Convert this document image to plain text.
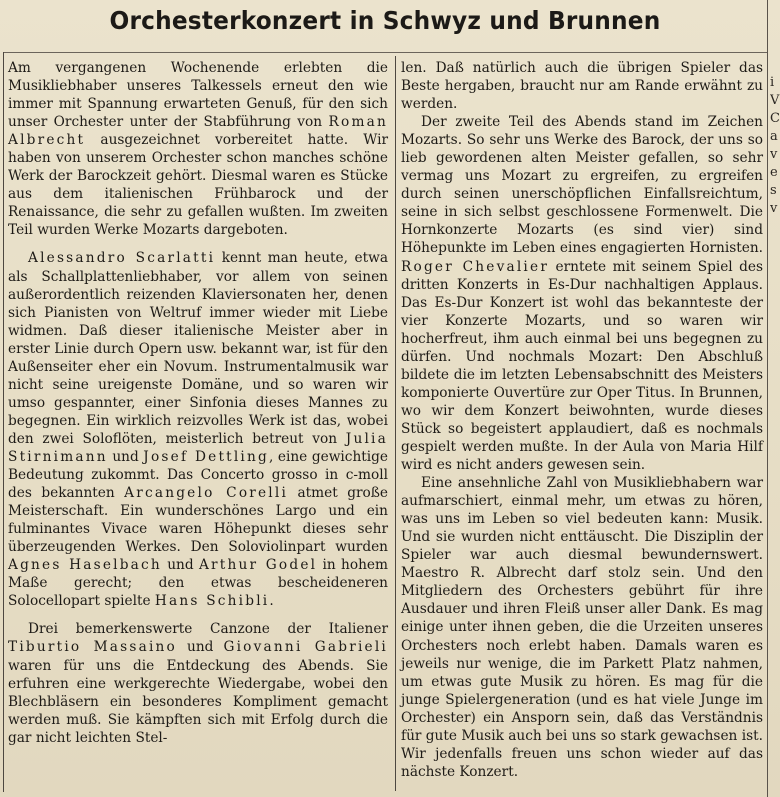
Orchesterkonzert in Schwyz und Brunnen

Am vergangenen Wochenende erlebten die Musikliebhaber unseres Talkessels erneut den wie immer mit Spannung erwarteten Genuß, für den sich unser Orchester unter der Stabführung von Roman Albrecht ausgezeichnet vorbereitet hatte. Wir haben von unserem Orchester schon manches schöne Werk der Barockzeit gehört. Diesmal waren es Stücke aus dem italienischen Frühbarock und der Renaissance, die sehr zu gefallen wußten. Im zweiten Teil wurden Werke Mozarts dargeboten.

Alessandro Scarlatti kennt man heute, etwa als Schallplattenliebhaber, vor allem von seinen außerordentlich reizenden Klaviersonaten her, denen sich Pianisten von Weltruf immer wieder mit Liebe widmen. Daß dieser italienische Meister aber in erster Linie durch Opern usw. bekannt war, ist für den Außenseiter eher ein Novum. Instrumentalmusik war nicht seine ureigenste Domäne, und so waren wir umso gespannter, einer Sinfonia dieses Mannes zu begegnen. Ein wirklich reizvolles Werk ist das, wobei den zwei Soloflöten, meisterlich betreut von Julia Stirnimann und Josef Dettling, eine gewichtige Bedeutung zukommt. Das Concerto grosso in c-moll des bekannten Arcangelo Corelli atmet große Meisterschaft. Ein wunderschönes Largo und ein fulminantes Vivace waren Höhepunkt dieses sehr überzeugenden Werkes. Den Soloviolinpart wurden Agnes Haselbach und Arthur Godel in hohem Maße gerecht; den etwas bescheideneren Solocellopart spielte Hans Schibli.

Drei bemerkenswerte Canzone der Italiener Tiburtio Massaino und Giovanni Gabrieli waren für uns die Entdeckung des Abends. Sie erfuhren eine werkgerechte Wiedergabe, wobei den Blechbläsern ein besonderes Kompliment gemacht werden muß. Sie kämpften sich mit Erfolg durch die gar nicht leichten Stel-

len. Daß natürlich auch die übrigen Spieler das Beste hergaben, braucht nur am Rande erwähnt zu werden.

Der zweite Teil des Abends stand im Zeichen Mozarts. So sehr uns Werke des Barock, der uns so lieb gewordenen alten Meister gefallen, so sehr vermag uns Mozart zu ergreifen, zu ergreifen durch seinen unerschöpflichen Einfallsreichtum, seine in sich selbst geschlossene Formenwelt. Die Hornkonzerte Mozarts (es sind vier) sind Höhepunkte im Leben eines engagierten Hornisten. Roger Chevalier erntete mit seinem Spiel des dritten Konzerts in Es-Dur nachhaltigen Applaus. Das Es-Dur Konzert ist wohl das bekannteste der vier Konzerte Mozarts, und so waren wir hocherfreut, ihm auch einmal bei uns begegnen zu dürfen. Und nochmals Mozart: Den Abschluß bildete die im letzten Lebensabschnitt des Meisters komponierte Ouvertüre zur Oper Titus. In Brunnen, wo wir dem Konzert beiwohnten, wurde dieses Stück so begeistert applaudiert, daß es nochmals gespielt werden mußte. In der Aula von Maria Hilf wird es nicht anders gewesen sein.

Eine ansehnliche Zahl von Musikliebhabern war aufmarschiert, einmal mehr, um etwas zu hören, was uns im Leben so viel bedeuten kann: Musik. Und sie wurden nicht enttäuscht. Die Disziplin der Spieler war auch diesmal bewundernswert. Maestro R. Albrecht darf stolz sein. Und den Mitgliedern des Orchesters gebührt für ihre Ausdauer und ihren Fleiß unser aller Dank. Es mag einige unter ihnen geben, die die Urzeiten unseres Orchesters noch erlebt haben. Damals waren es jeweils nur wenige, die im Parkett Platz nahmen, um etwas gute Musik zu hören. Es mag für die junge Spielergeneration (und es hat viele Junge im Orchester) ein Ansporn sein, daß das Verständnis für gute Musik auch bei uns so stark gewachsen ist. Wir jedenfalls freuen uns schon wieder auf das nächste Konzert.

i
V
C
a
v
e
s
v
